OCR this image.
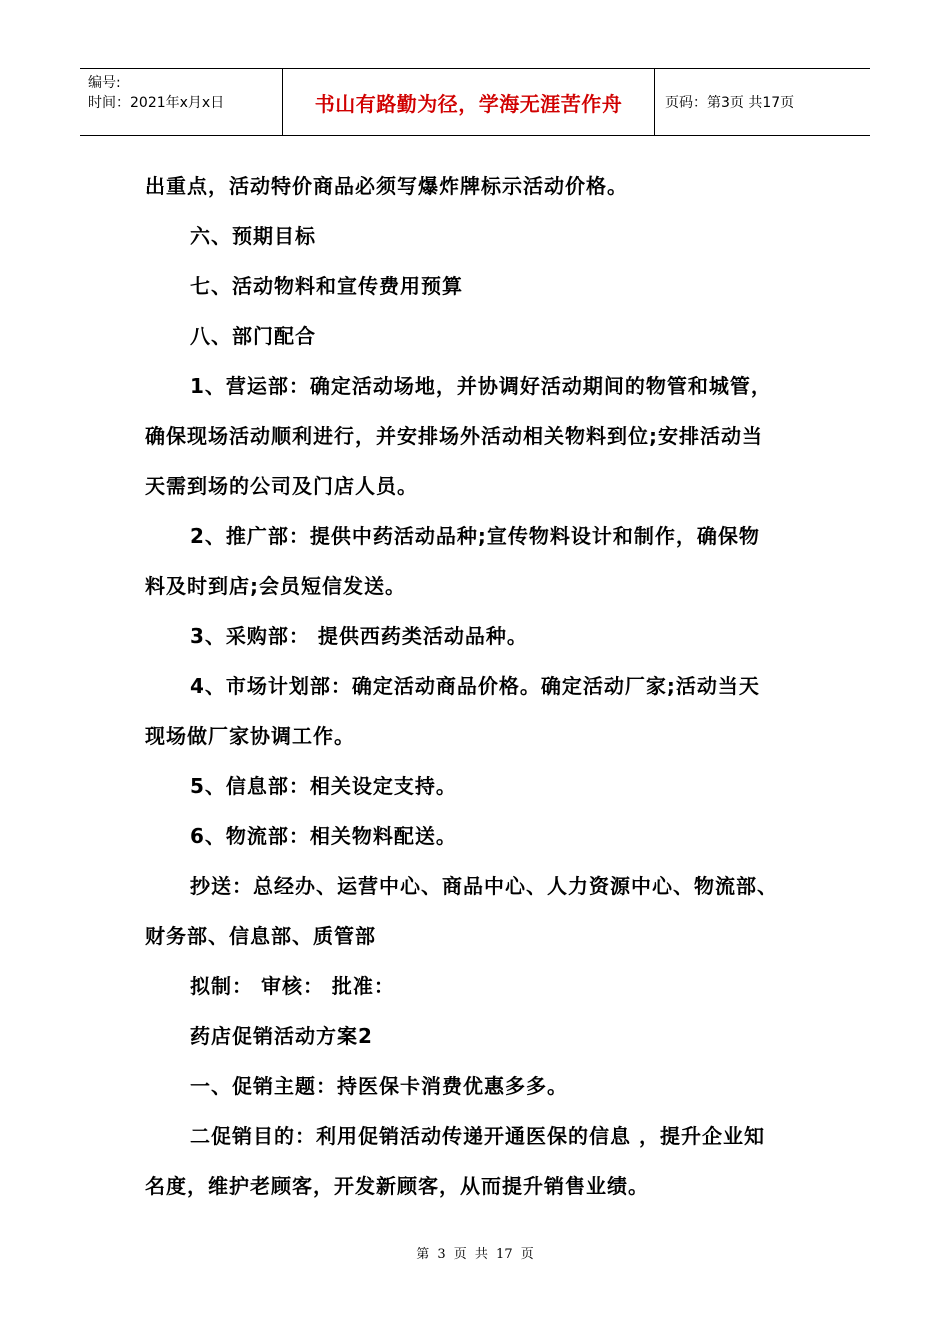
编号:
时间：2021年x月x日	书山有路勤为径，学海无涯苦作舟	页码：第3页 共17页
出重点，活动特价商品必须写爆炸牌标示活动价格。
六、预期目标
七、活动物料和宣传费用预算
八、部门配合
1、营运部：确定活动场地，并协调好活动期间的物管和城管，
确保现场活动顺利进行，并安排场外活动相关物料到位;安排活动当
天需到场的公司及门店人员。
2、推广部：提供中药活动品种;宣传物料设计和制作，确保物
料及时到店;会员短信发送。
3、采购部： 提供西药类活动品种。
4、市场计划部：确定活动商品价格。确定活动厂家;活动当天
现场做厂家协调工作。
5、信息部：相关设定支持。
6、物流部：相关物料配送。
抄送：总经办、运营中心、商品中心、人力资源中心、物流部、
财务部、信息部、质管部
拟制： 审核： 批准：
药店促销活动方案2
一、促销主题：持医保卡消费优惠多多。
二促销目的：利用促销活动传递开通医保的信息 ，提升企业知
名度，维护老顾客，开发新顾客，从而提升销售业绩。
第 3 页 共 17 页
